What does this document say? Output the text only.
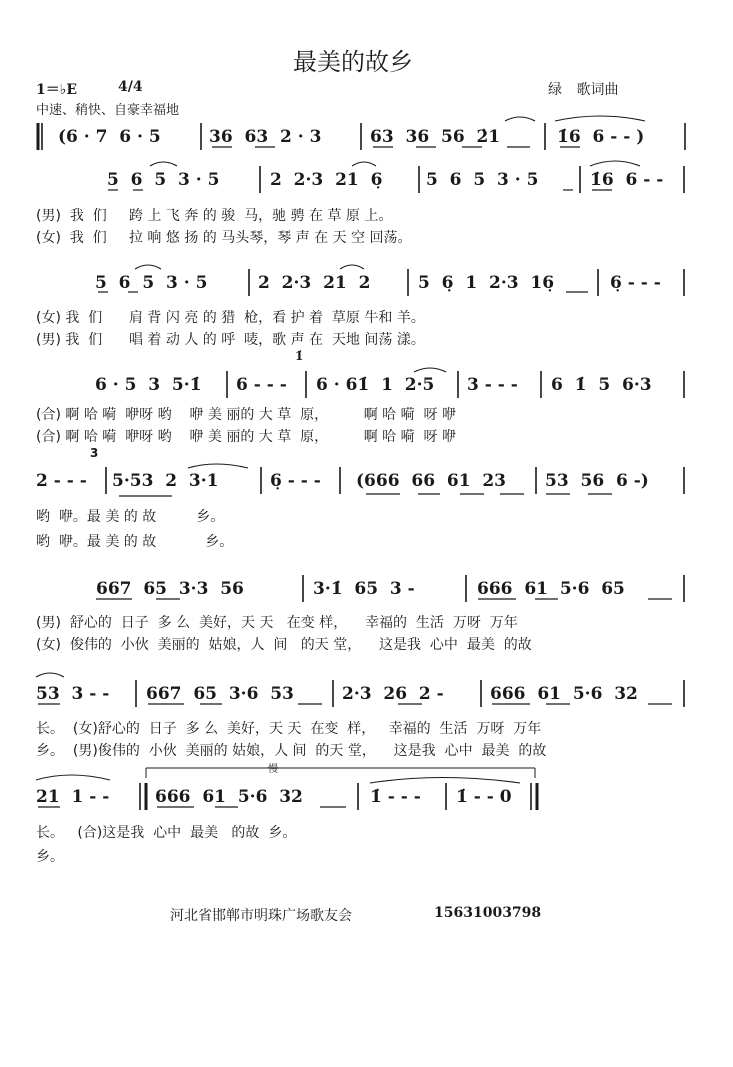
最美的故乡
1＝♭E	4/4	绿 歌词曲
中速、稍快、自豪幸福地
(6 · 7  6 · 5	36  63  2 · 3	63  36  56  2̇1	1̇6  6 - - )
5  6  5  3 · 5	2  2·3  21  6̣	5  6  5  3 · 5	1̇6  6 - -
(男)  我  们     跨 上 飞 奔 的 骏  马，驰 骋 在 草 原 上。
(女)  我  们     拉 响 悠 扬 的 马头琴，琴 声 在 天 空 回荡。
5  6  5  3 · 5	2  2·3  21  2	5  6̣  1  2·3  16̣	6̣ - - -
(女) 我  们      肩 背 闪 亮 的 猎  枪，看 护 着  草原 牛和 羊。
(男) 我  们      唱 着 动 人 的 呼  唛，歌 声 在  天地 间荡 漾。
6 · 5  3  5·1̇ 6 - - - 6 · 61̇  1  2·5 3 - - - 6  1̇  5  6·3
1̇
(合) 啊 哈 嗬  咿呀 哟    咿 美 丽的 大 草  原，        啊 哈 嗬  呀 咿
(合) 啊 哈 嗬  咿呀 哟    咿 美 丽的 大 草  原，        啊 哈 嗬  呀 咿
2 - - - 5·53  2  3·1	6̣ - - - (666  66  61  23 53  56  6 -)
3
哟  咿。最 美 的 故         乡。
哟  咿。最 美 的 故           乡。
667  65  3·3  56	3·1̇  65  3 -	666  61  5·6  65
(男)  舒心的  日子  多 么  美好，天 天   在变 样，    幸福的  生活  万呀  万年
(女)  俊伟的  小伙  美丽的  姑娘，人  间   的天 堂，    这是我  心中  最美  的故
53  3 - - 667  65  3·6  53	2·3  26  2 -	666  61  5·6  32
长。  (女)舒心的  日子  多 么  美好，天 天  在变  样，   幸福的  生活  万呀  万年
乡。  (男)俊伟的  小伙  美丽的 姑娘，人 间  的天 堂，    这是我  心中  最美  的故
慢
21  1 - -	666  61  5·6  32	1̇ - - - 1̇ - - 0
长。   (合)这是我  心中  最美   的故  乡。
乡。
河北省邯郸市明珠广场歌友会	15631003798
